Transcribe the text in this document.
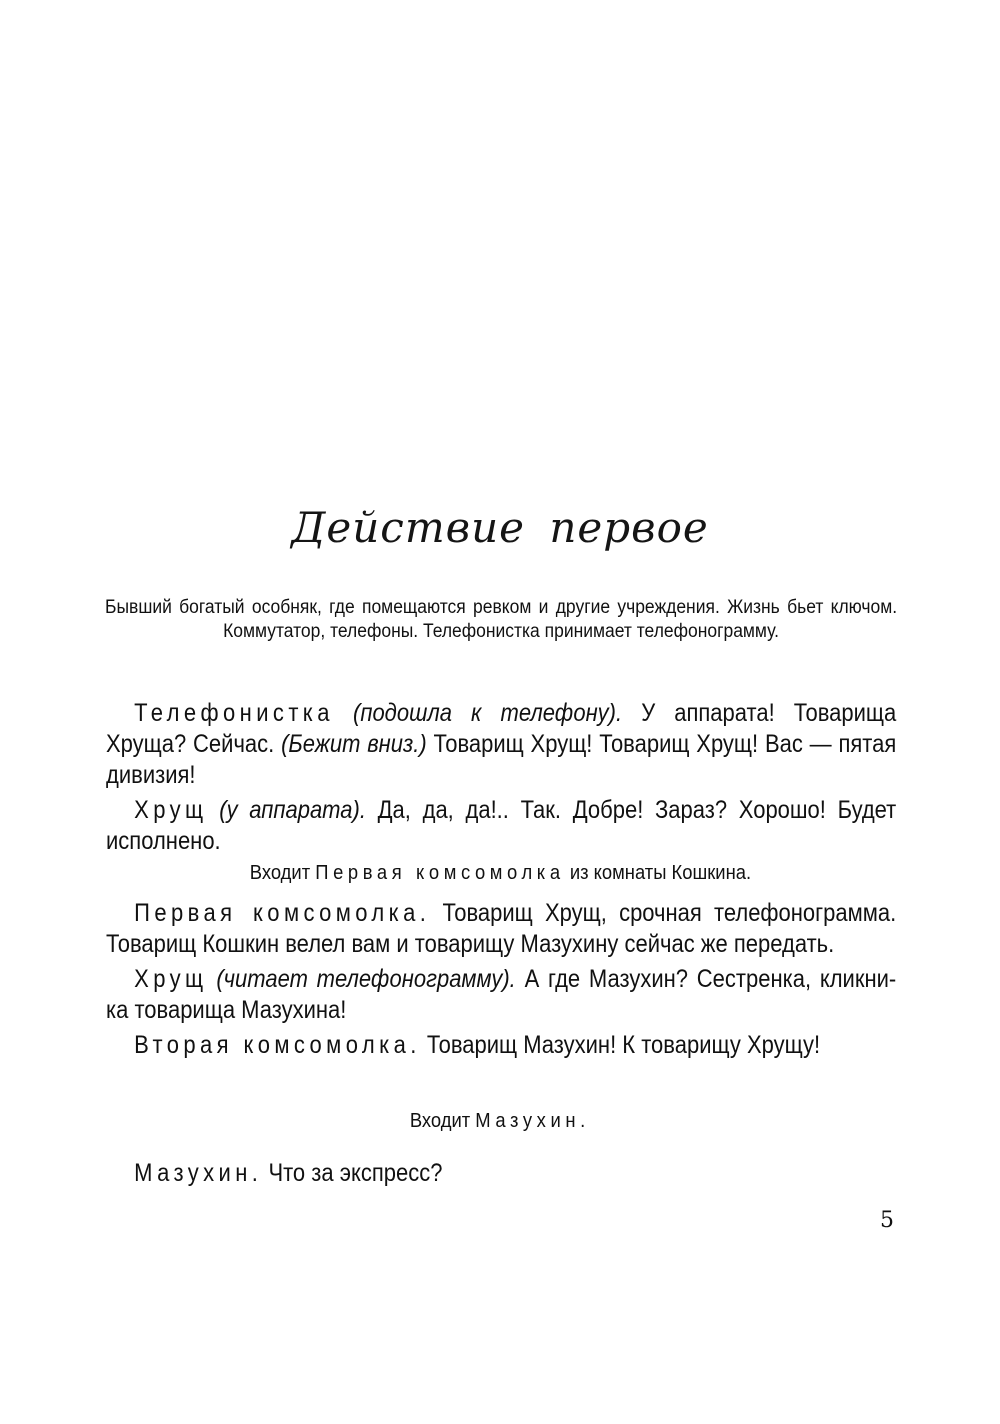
Действие первое
Бывший богатый особняк, где помещаются ревком и другие учреждения. Жизнь бьет ключом. Коммутатор, телефоны. Телефонистка принимает телефонограмму.

Телефонистка (подошла к телефону). У аппарата! Товарища Хруща? Сейчас. (Бежит вниз.) Товарищ Хрущ! Товарищ Хрущ! Вас — пятая дивизия!

Хрущ (у аппарата). Да, да, да!.. Так. Добре! Зараз? Хорошо! Будет исполнено.

Входит Первая комсомолка из комнаты Кошкина.

Первая комсомолка. Товарищ Хрущ, срочная телефонограмма. Товарищ Кошкин велел вам и товарищу Мазухину сейчас же передать.

Хрущ (читает телефонограмму). А где Мазухин? Сестренка, кликни-ка товарища Мазухина!

Вторая комсомолка. Товарищ Мазухин! К товарищу Хрущу!

Входит Мазухин.

Мазухин. Что за экспресс?

5
